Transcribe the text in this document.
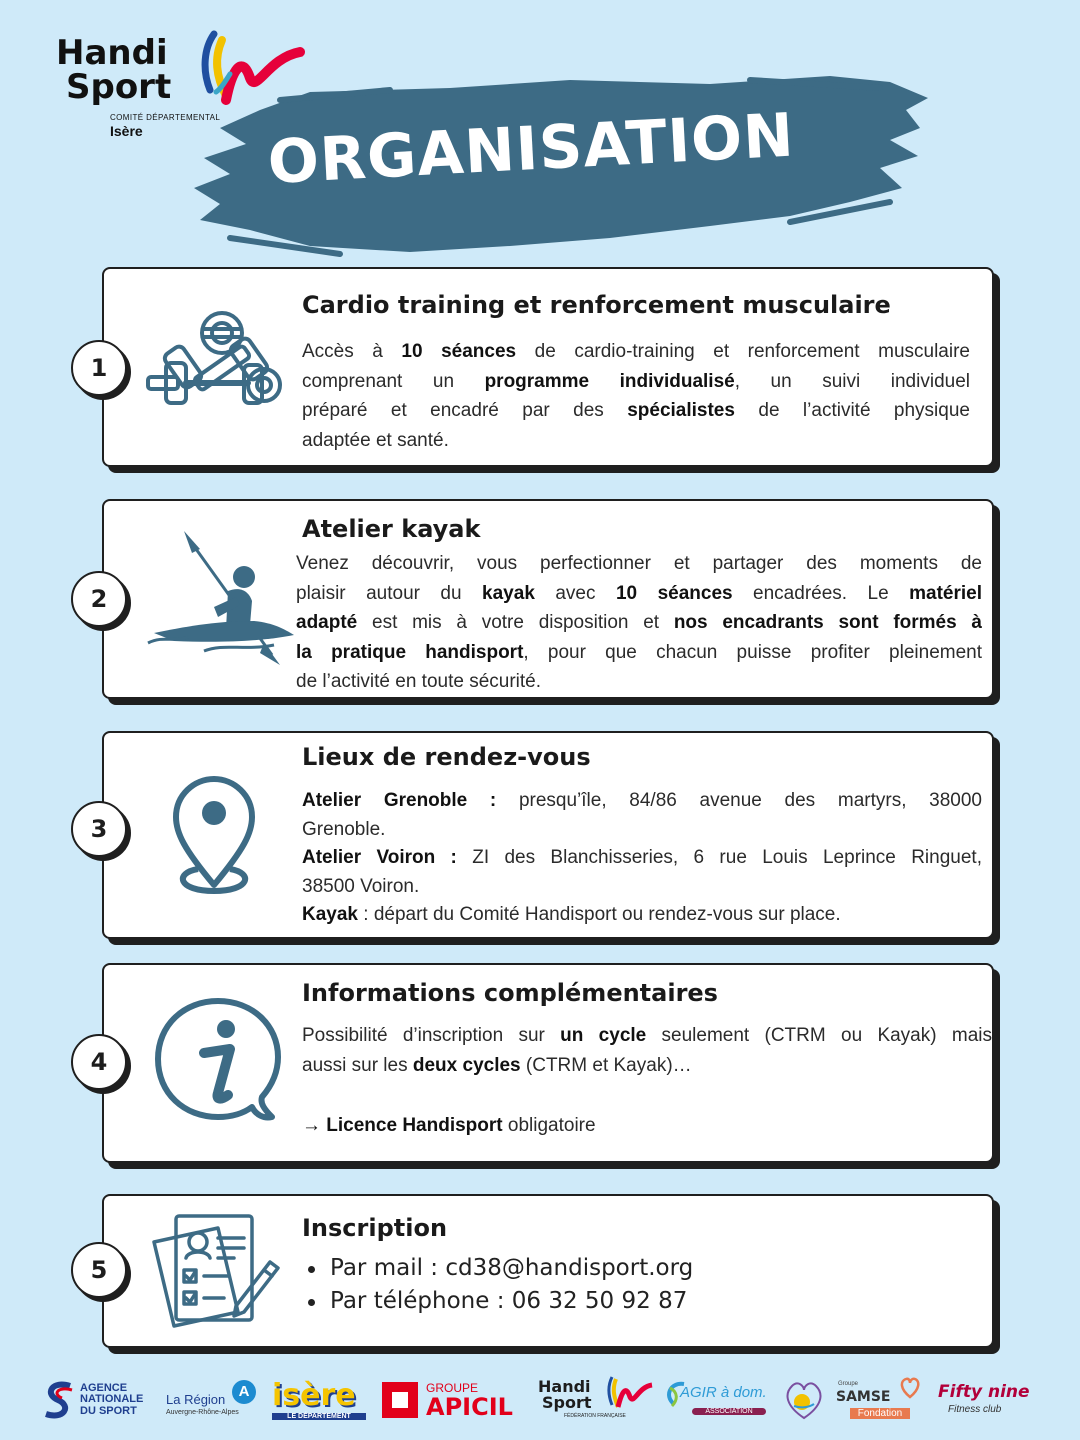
Handi
Sport
COMITÉ DÉPARTEMENTAL
Isère ORGANISATION
1
Cardio training et renforcement musculaire
Accès à 10 séances de cardio-training et renforcement musculaire
comprenant un programme individualisé, un suivi individuel
préparé et encadré par des spécialistes de l’activité physique
adaptée et santé.
2
Atelier kayak
Venez découvrir, vous perfectionner et partager des moments de
plaisir autour du kayak avec 10 séances encadrées. Le matériel
adapté est mis à votre disposition et nos encadrants sont formés à
la pratique handisport, pour que chacun puisse profiter pleinement
de l’activité en toute sécurité.
3
Lieux de rendez-vous
Atelier Grenoble : presqu’île, 84/86 avenue des martyrs, 38000
Grenoble.
Atelier Voiron : ZI des Blanchisseries, 6 rue Louis Leprince Ringuet,
38500 Voiron.
Kayak : départ du Comité Handisport ou rendez-vous sur place.
4
Informations complémentaires
Possibilité d’inscription sur un cycle seulement (CTRM ou Kayak) mais
aussi sur les deux cycles (CTRM et Kayak)…

→ Licence Handisport obligatoire
5
Inscription
Par mail : cd38@handisport.org
Par téléphone : 06 32 50 92 87
AGENCE
NATIONALE
DU SPORT
La Région
Auvergne-Rhône-Alpes
A isère
LE DÉPARTEMENT
GROUPE
APICIL
Handi
Sport
FÉDÉRATION FRANÇAISE
AGIR à dom.
ASSOCIATION
Groupe
SAMSE
Fondation
Fifty nine
Fitness club
